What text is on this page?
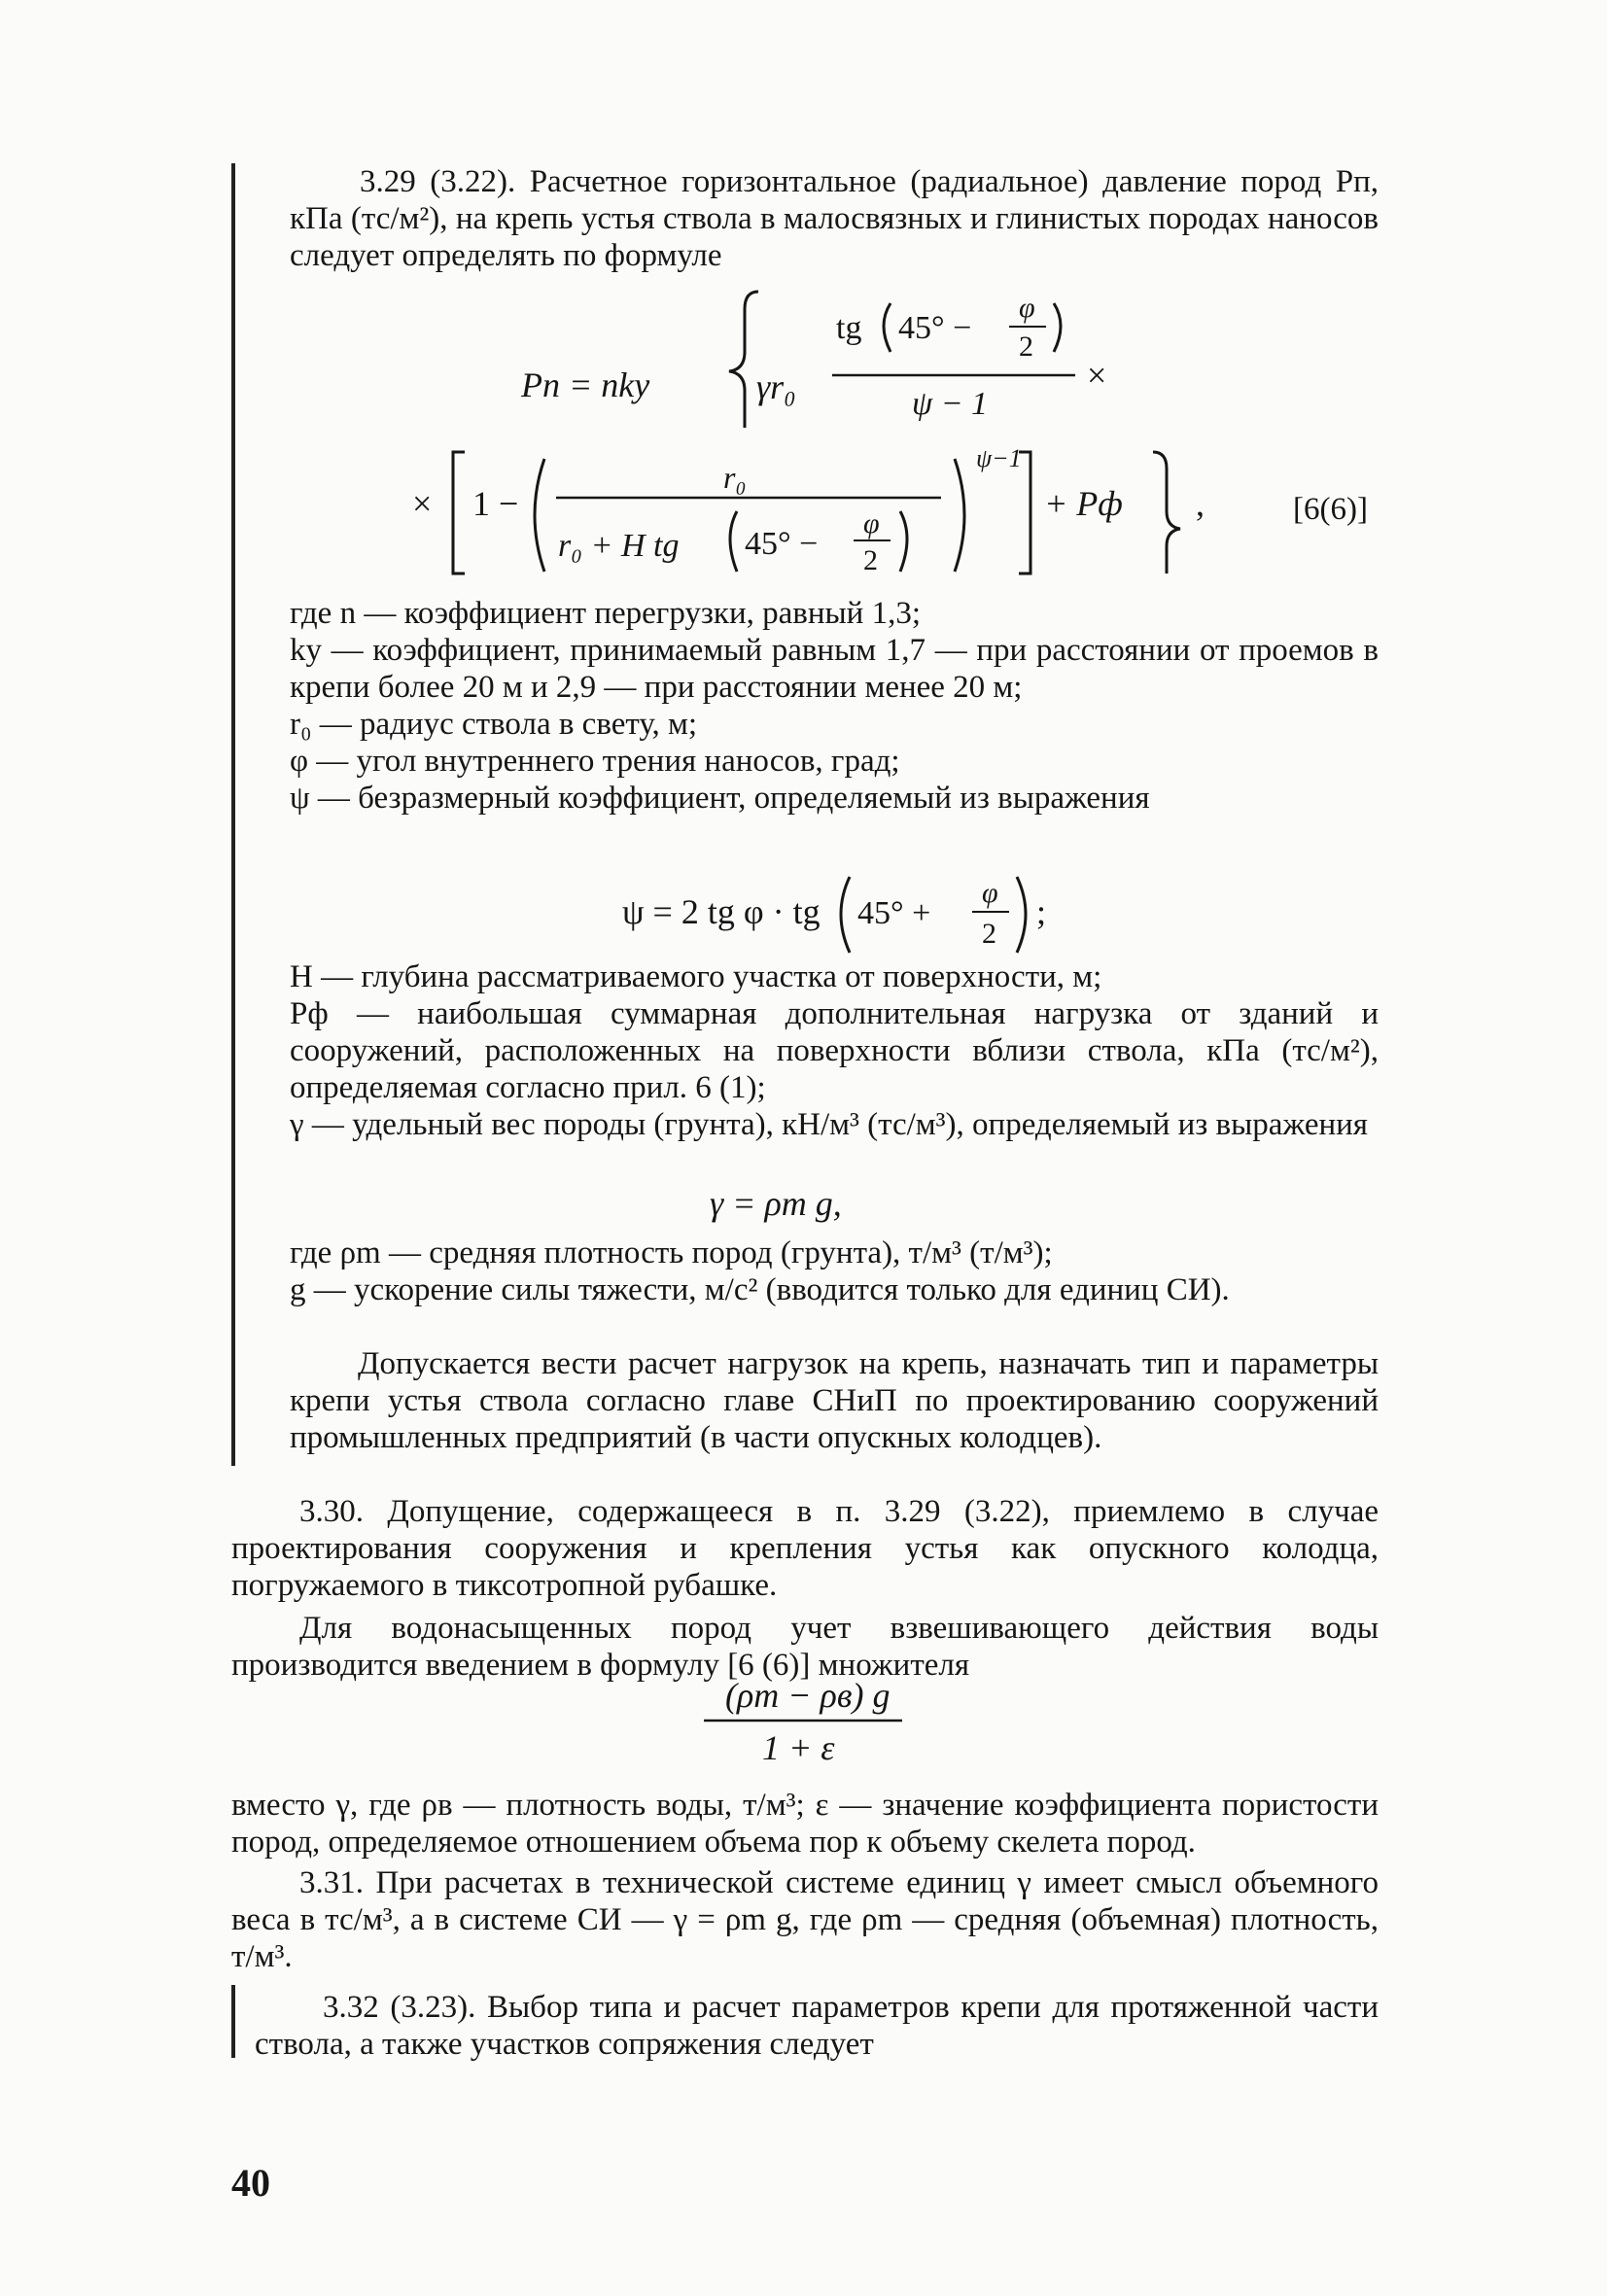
3.29 (3.22). Расчетное горизонтальное (радиальное) давление пород Рп, кПа (тс/м²), на крепь устья ствола в малосвязных и глинистых породах наносов следует определять по формуле

Рп = nkу	γr₀
tg 45° −
φ
2
ψ − 1
×
× 1 −
r₀
r₀ + H tg 45° −
φ
2
ψ−1
+ Рф ,	[6(6)]

где n — коэффициент перегрузки, равный 1,3;

kу — коэффициент, принимаемый равным 1,7 — при расстоянии от проемов в крепи более 20 м и 2,9 — при расстоянии менее 20 м;

r₀ — радиус ствола в свету, м;

φ — угол внутреннего трения наносов, град;

ψ — безразмерный коэффициент, определяемый из выражения

ψ = 2 tg φ · tg 45° +
φ
2
;

H — глубина рассматриваемого участка от поверхности, м;

Рф — наибольшая суммарная дополнительная нагрузка от зданий и сооружений, расположенных на поверхности вблизи ствола, кПа (тс/м²), определяемая согласно прил. 6 (1);

γ — удельный вес породы (грунта), кН/м³ (тс/м³), определяемый из выражения

γ = ρm g,

где ρm — средняя плотность пород (грунта), т/м³ (т/м³);

g — ускорение силы тяжести, м/с² (вводится только для единиц СИ).

Допускается вести расчет нагрузок на крепь, назначать тип и параметры крепи устья ствола согласно главе СНиП по проектированию сооружений промышленных предприятий (в части опускных колодцев).

3.30. Допущение, содержащееся в п. 3.29 (3.22), приемлемо в случае проектирования сооружения и крепления устья как опускного колодца, погружаемого в тиксотропной рубашке.

Для водонасыщенных пород учет взвешивающего действия воды производится введением в формулу [6 (6)] множителя

(ρm − ρв) g
1 + ε

вместо γ, где ρв — плотность воды, т/м³; ε — значение коэффициента пористости пород, определяемое отношением объема пор к объему скелета пород.

3.31. При расчетах в технической системе единиц γ имеет смысл объемного веса в тс/м³, а в системе СИ — γ = ρm g, где ρm — средняя (объемная) плотность, т/м³.

3.32 (3.23). Выбор типа и расчет параметров крепи для протяженной части ствола, а также участков сопряжения следует

40
